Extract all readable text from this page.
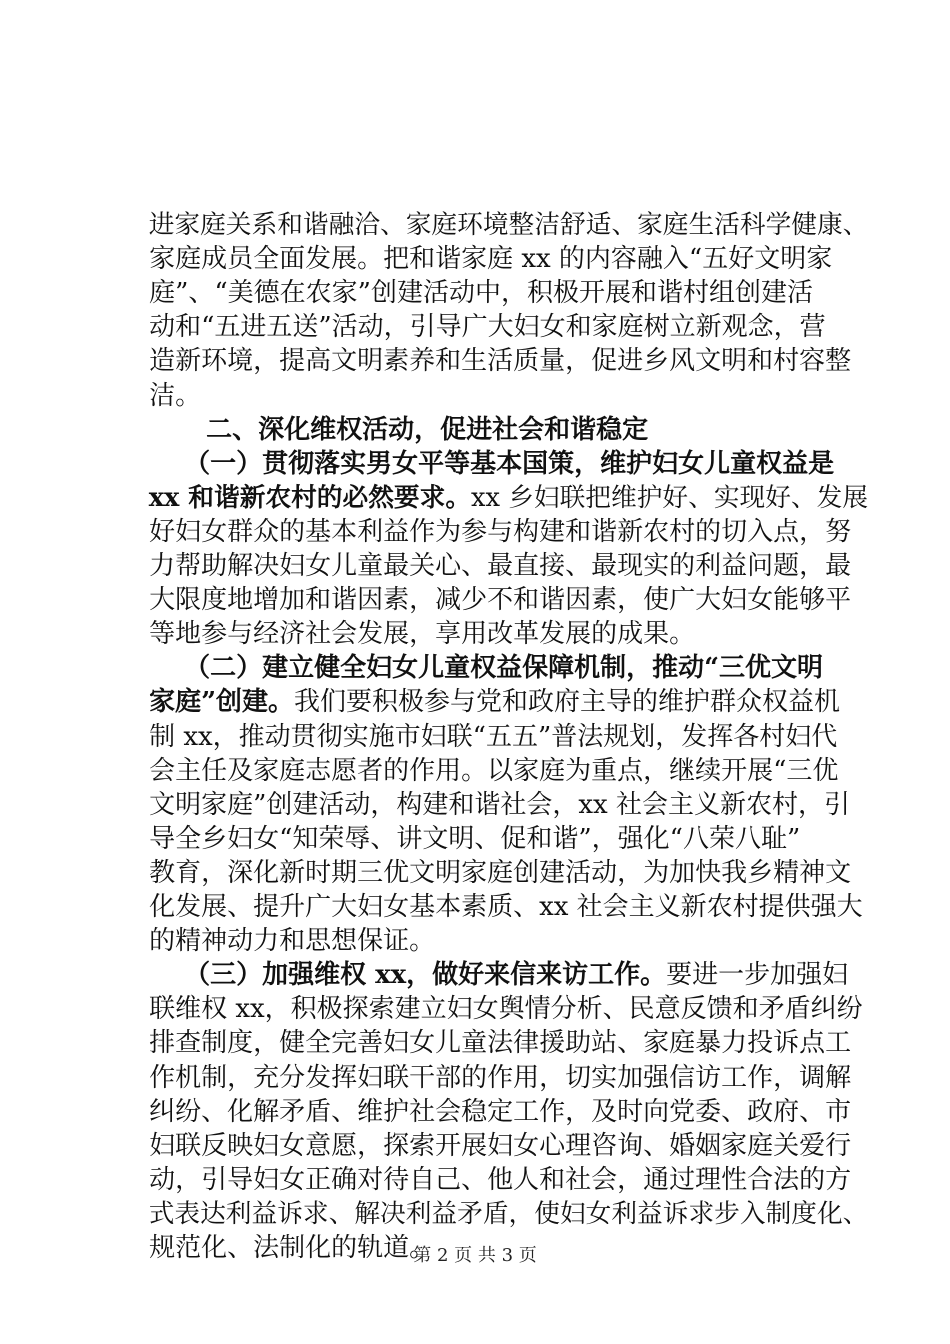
进家庭关系和谐融洽、家庭环境整洁舒适、家庭生活科学健康、

家庭成员全面发展。把和谐家庭 xx 的内容融入“五好文明家

庭”、“美德在农家”创建活动中，积极开展和谐村组创建活

动和“五进五送”活动，引导广大妇女和家庭树立新观念，营

造新环境，提高文明素养和生活质量，促进乡风文明和村容整

洁。

二、深化维权活动，促进社会和谐稳定

（一）贯彻落实男女平等基本国策，维护妇女儿童权益是

xx 和谐新农村的必然要求。xx 乡妇联把维护好、实现好、发展

好妇女群众的基本利益作为参与构建和谐新农村的切入点，努

力帮助解决妇女儿童最关心、最直接、最现实的利益问题，最

大限度地增加和谐因素，减少不和谐因素，使广大妇女能够平

等地参与经济社会发展，享用改革发展的成果。

（二）建立健全妇女儿童权益保障机制，推动“三优文明

家庭”创建。我们要积极参与党和政府主导的维护群众权益机

制 xx，推动贯彻实施市妇联“五五”普法规划，发挥各村妇代

会主任及家庭志愿者的作用。以家庭为重点，继续开展“三优

文明家庭”创建活动，构建和谐社会，xx 社会主义新农村，引

导全乡妇女“知荣辱、讲文明、促和谐”，强化“八荣八耻”

教育，深化新时期三优文明家庭创建活动，为加快我乡精神文

化发展、提升广大妇女基本素质、xx 社会主义新农村提供强大

的精神动力和思想保证。

（三）加强维权 xx，做好来信来访工作。要进一步加强妇

联维权 xx，积极探索建立妇女舆情分析、民意反馈和矛盾纠纷

排查制度，健全完善妇女儿童法律援助站、家庭暴力投诉点工

作机制，充分发挥妇联干部的作用，切实加强信访工作，调解

纠纷、化解矛盾、维护社会稳定工作，及时向党委、政府、市

妇联反映妇女意愿，探索开展妇女心理咨询、婚姻家庭关爱行

动，引导妇女正确对待自己、他人和社会，通过理性合法的方

式表达利益诉求、解决利益矛盾，使妇女利益诉求步入制度化、

规范化、法制化的轨道。

第 2 页 共 3 页
